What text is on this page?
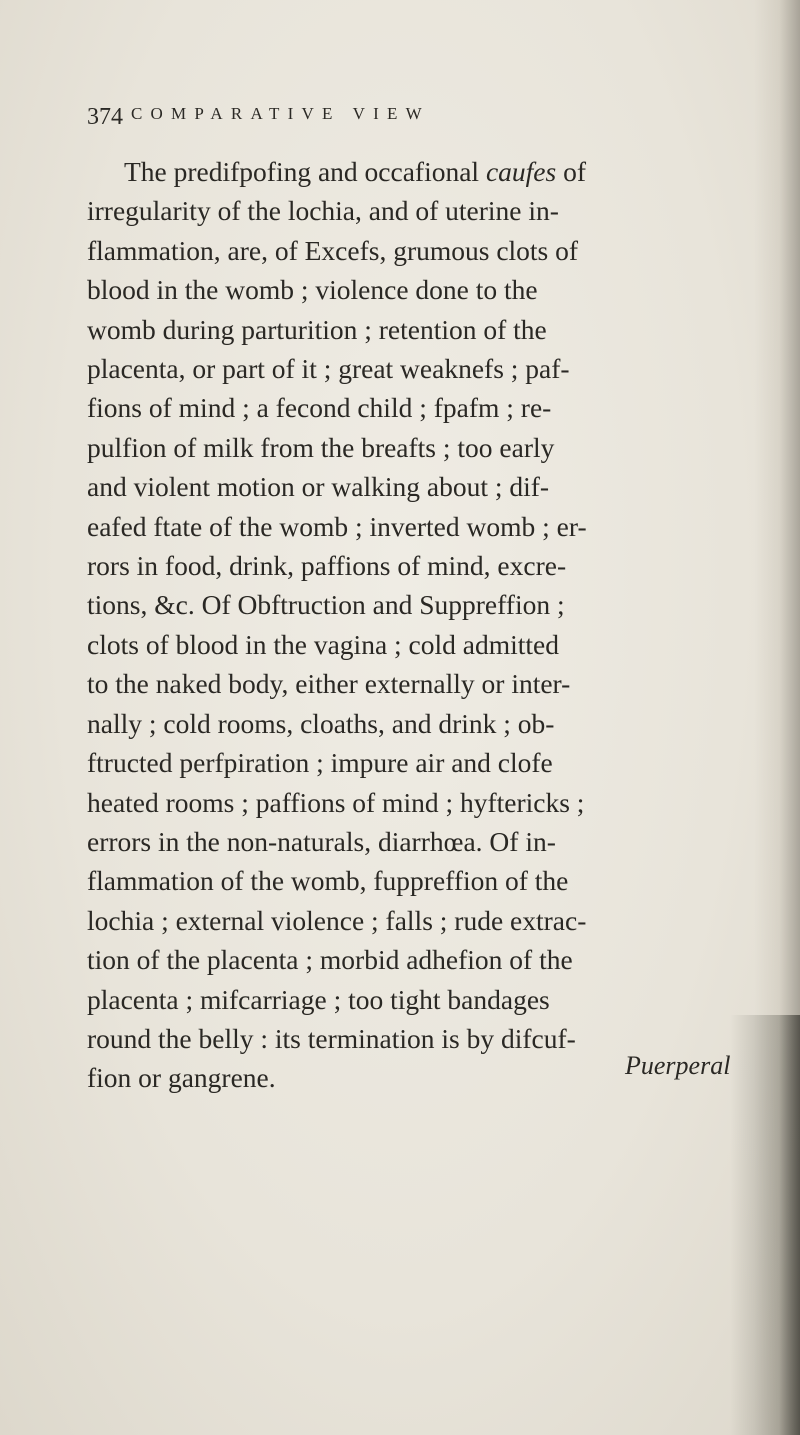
374 COMPARATIVE VIEW
The predifpofing and occafional caufes of
irregularity of the lochia, and of uterine in-
flammation, are, of Excefs, grumous clots of
blood in the womb ; violence done to the
womb during parturition ; retention of the
placenta, or part of it ; great weaknefs ; paf-
fions of mind ; a fecond child ; fpafm ; re-
pulfion of milk from the breafts ; too early
and violent motion or walking about ; dif-
eafed ftate of the womb ; inverted womb ; er-
rors in food, drink, paffions of mind, excre-
tions, &c. Of Obftruction and Suppreffion ;
clots of blood in the vagina ; cold admitted
to the naked body, either externally or inter-
nally ; cold rooms, cloaths, and drink ; ob-
ftructed perfpiration ; impure air and clofe
heated rooms ; paffions of mind ; hyftericks ;
errors in the non-naturals, diarrhœa. Of in-
flammation of the womb, fuppreffion of the
lochia ; external violence ; falls ; rude extrac-
tion of the placenta ; morbid adhefion of the
placenta ; mifcarriage ; too tight bandages
round the belly : its termination is by difcuf-
fion or gangrene.	Puerperal
